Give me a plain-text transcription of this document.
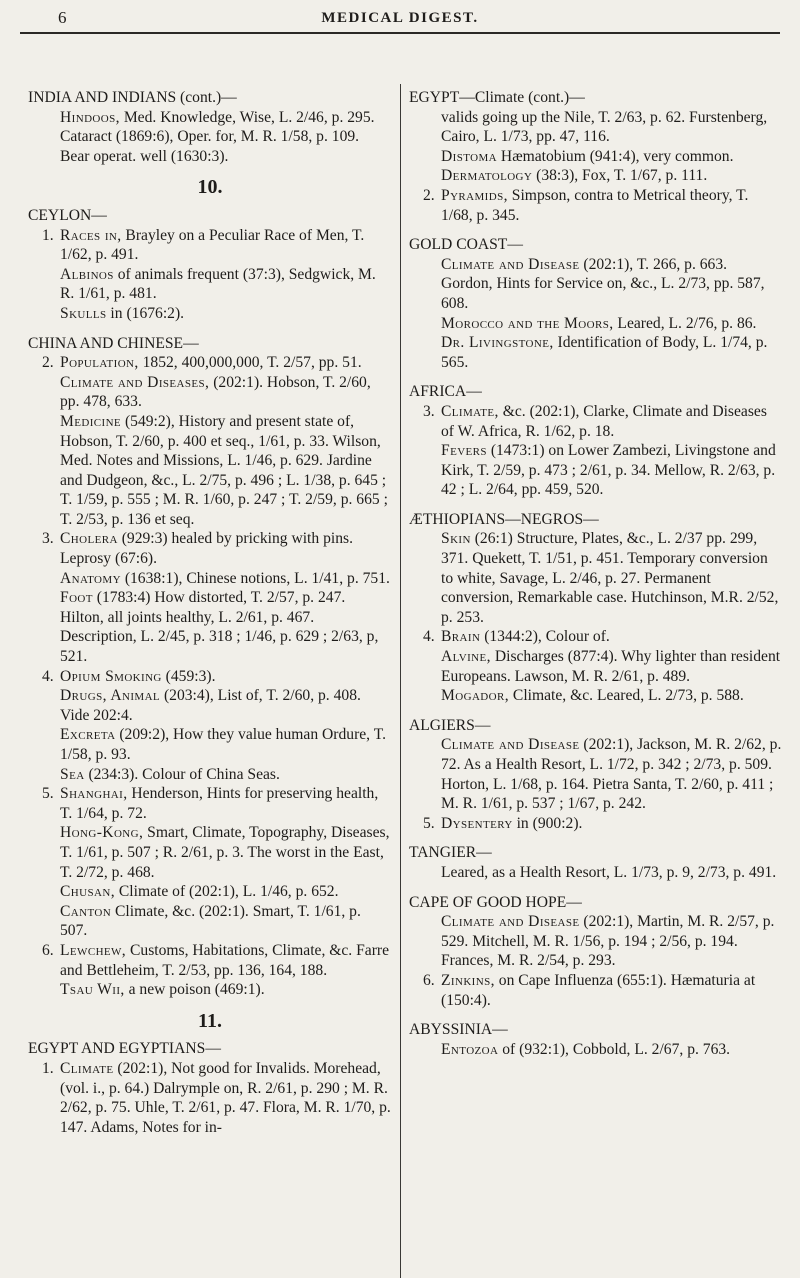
6	MEDICAL DIGEST.
INDIA AND INDIANS (cont.)—
Hindoos, Med. Knowledge, Wise, L. 2/46, p. 295. Cataract (1869:6), Oper. for, M. R. 1/58, p. 109. Bear operat. well (1630:3).
10.
CEYLON—
1. Races in, Brayley on a Peculiar Race of Men, T. 1/62, p. 491.
Albinos of animals frequent (37:3), Sedgwick, M. R. 1/61, p. 481.
Skulls in (1676:2).
CHINA AND CHINESE—
2. Population, 1852, 400,000,000, T. 2/57, pp. 51.
Climate and Diseases, (202:1). Hobson, T. 2/60, pp. 478, 633.
Medicine (549:2), History and present state of, Hobson, T. 2/60, p. 400 et seq., 1/61, p. 33. Wilson, Med. Notes and Missions, L. 1/46, p. 629. Jardine and Dudgeon, &c., L. 2/75, p. 496 ; L. 1/38, p. 645 ; T. 1/59, p. 555 ; M. R. 1/60, p. 247 ; T. 2/59, p. 665 ; T. 2/53, p. 136 et seq.
3. Cholera (929:3) healed by pricking with pins. Leprosy (67:6).
Anatomy (1638:1), Chinese notions, L. 1/41, p. 751.
Foot (1783:4) How distorted, T. 2/57, p. 247. Hilton, all joints healthy, L. 2/61, p. 467. Description, L. 2/45, p. 318 ; 1/46, p. 629 ; 2/63, p, 521.
4. Opium Smoking (459:3).
Drugs, Animal (203:4), List of, T. 2/60, p. 408. Vide 202:4.
Excreta (209:2), How they value human Ordure, T. 1/58, p. 93.
Sea (234:3). Colour of China Seas.
5. Shanghai, Henderson, Hints for preserving health, T. 1/64, p. 72.
Hong-Kong, Smart, Climate, Topography, Diseases, T. 1/61, p. 507 ; R. 2/61, p. 3. The worst in the East, T. 2/72, p. 468.
Chusan, Climate of (202:1), L. 1/46, p. 652.
Canton Climate, &c. (202:1). Smart, T. 1/61, p. 507.
6. Lewchew, Customs, Habitations, Climate, &c. Farre and Bettleheim, T. 2/53, pp. 136, 164, 188.
Tsau Wii, a new poison (469:1).
11.
EGYPT AND EGYPTIANS—
1. Climate (202:1), Not good for Invalids. Morehead, (vol. i., p. 64.) Dalrymple on, R. 2/61, p. 290 ; M. R. 2/62, p. 75. Uhle, T. 2/61, p. 47. Flora, M. R. 1/70, p. 147. Adams, Notes for in-
EGYPT—Climate (cont.)—
valids going up the Nile, T. 2/63, p. 62. Furstenberg, Cairo, L. 1/73, pp. 47, 116.
Distoma Hæmatobium (941:4), very common.
Dermatology (38:3), Fox, T. 1/67, p. 111.
2. Pyramids, Simpson, contra to Metrical theory, T. 1/68, p. 345.
GOLD COAST—
Climate and Disease (202:1), T. 266, p. 663. Gordon, Hints for Service on, &c., L. 2/73, pp. 587, 608.
Morocco and the Moors, Leared, L. 2/76, p. 86.
Dr. Livingstone, Identification of Body, L. 1/74, p. 565.
AFRICA—
3. Climate, &c. (202:1), Clarke, Climate and Diseases of W. Africa, R. 1/62, p. 18.
Fevers (1473:1) on Lower Zambezi, Livingstone and Kirk, T. 2/59, p. 473 ; 2/61, p. 34. Mellow, R. 2/63, p. 42 ; L. 2/64, pp. 459, 520.
ÆTHIOPIANS—NEGROS—
Skin (26:1) Structure, Plates, &c., L. 2/37 pp. 299, 371. Quekett, T. 1/51, p. 451. Temporary conversion to white, Savage, L. 2/46, p. 27. Permanent conversion, Remarkable case. Hutchinson, M.R. 2/52, p. 253.
4. Brain (1344:2), Colour of.
Alvine, Discharges (877:4). Why lighter than resident Europeans. Lawson, M. R. 2/61, p. 489.
Mogador, Climate, &c. Leared, L. 2/73, p. 588.
ALGIERS—
Climate and Disease (202:1), Jackson, M. R. 2/62, p. 72. As a Health Resort, L. 1/72, p. 342 ; 2/73, p. 509. Horton, L. 1/68, p. 164. Pietra Santa, T. 2/60, p. 411 ; M. R. 1/61, p. 537 ; 1/67, p. 242.
5. Dysentery in (900:2).
TANGIER—
Leared, as a Health Resort, L. 1/73, p. 9, 2/73, p. 491.
CAPE OF GOOD HOPE—
Climate and Disease (202:1), Martin, M. R. 2/57, p. 529. Mitchell, M. R. 1/56, p. 194 ; 2/56, p. 194. Frances, M. R. 2/54, p. 293.
6. Zinkins, on Cape Influenza (655:1). Hæmaturia at (150:4).
ABYSSINIA—
Entozoa of (932:1), Cobbold, L. 2/67, p. 763.
